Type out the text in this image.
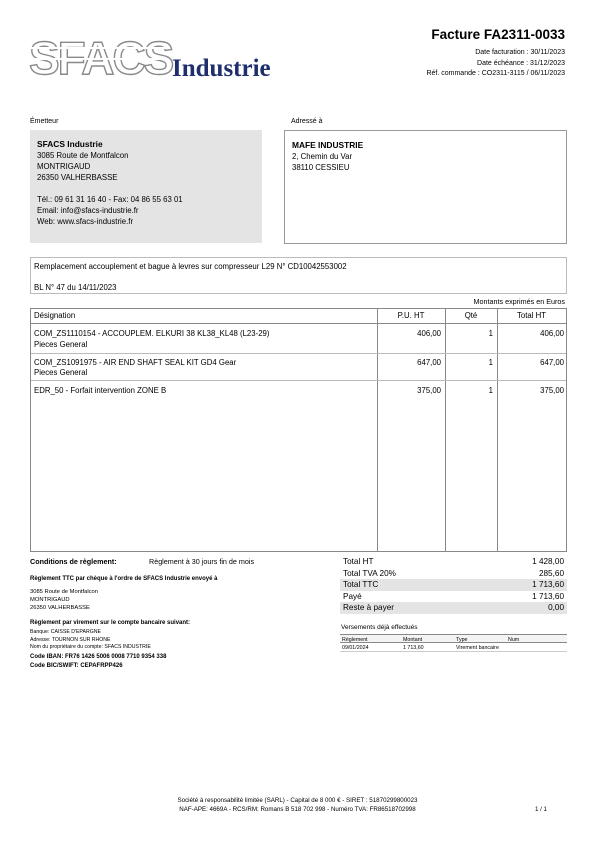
SFACS Industrie
Facture FA2311-0033
Date facturation : 30/11/2023
Date échéance : 31/12/2023
Réf. commande : CO2311-3115 / 06/11/2023
Émetteur
SFACS Industrie
3085 Route de Montfalcon
MONTRIGAUD
26350 VALHERBASSE
Tél.: 09 61 31 16 40 - Fax: 04 86 55 63 01
Email: info@sfacs-industrie.fr
Web: www.sfacs-industrie.fr
Adressé à
MAFE INDUSTRIE
2, Chemin du Var
38110 CESSIEU
Remplacement accouplement et bague à levres sur compresseur L29 N° CD10042553002
BL N° 47 du 14/11/2023
Montants exprimés en Euros
Désignation	P.U. HT	Qté	Total HT
COM_ZS1110154 - ACCOUPLEM. ELKURI 38 KL38_KL48 (L23-29)
Pieces General
406,00	1	406,00
COM_ZS1091975 - AIR END SHAFT SEAL KIT GD4 Gear
Pieces General
647,00	1	647,00
EDR_50 - Forfait intervention ZONE B	375,00	1	375,00
Conditions de règlement:	Règlement à 30 jours fin de mois
Règlement TTC par chèque à l'ordre de SFACS Industrie envoyé à
3085 Route de Montfalcon
MONTRIGAUD
26350 VALHERBASSE
Règlement par virement sur le compte bancaire suivant:
Banque: CAISSE D'EPARGNE
Adresse: TOURNON SUR RHONE
Nom du propriétaire du compte: SFACS INDUSTRIE
Code IBAN: FR76 1426 5006 0008 7710 9354 338
Code BIC/SWIFT: CEPAFRPP426
Total HT	1 428,00
Total TVA 20%	285,60
Total TTC	1 713,60
Payé	1 713,60
Reste à payer	0,00
Versements déjà effectués
Règlement	Montant	Type	Num
09/01/2024	1 713,60	Virement bancaire
Société à responsabilité limitée (SARL) - Capital de 8 000 € - SIRET : 51870299800023
NAF-APE: 4669A - RCS/RM: Romans B 518 702 998 - Numéro TVA: FR86518702998	1 / 1
